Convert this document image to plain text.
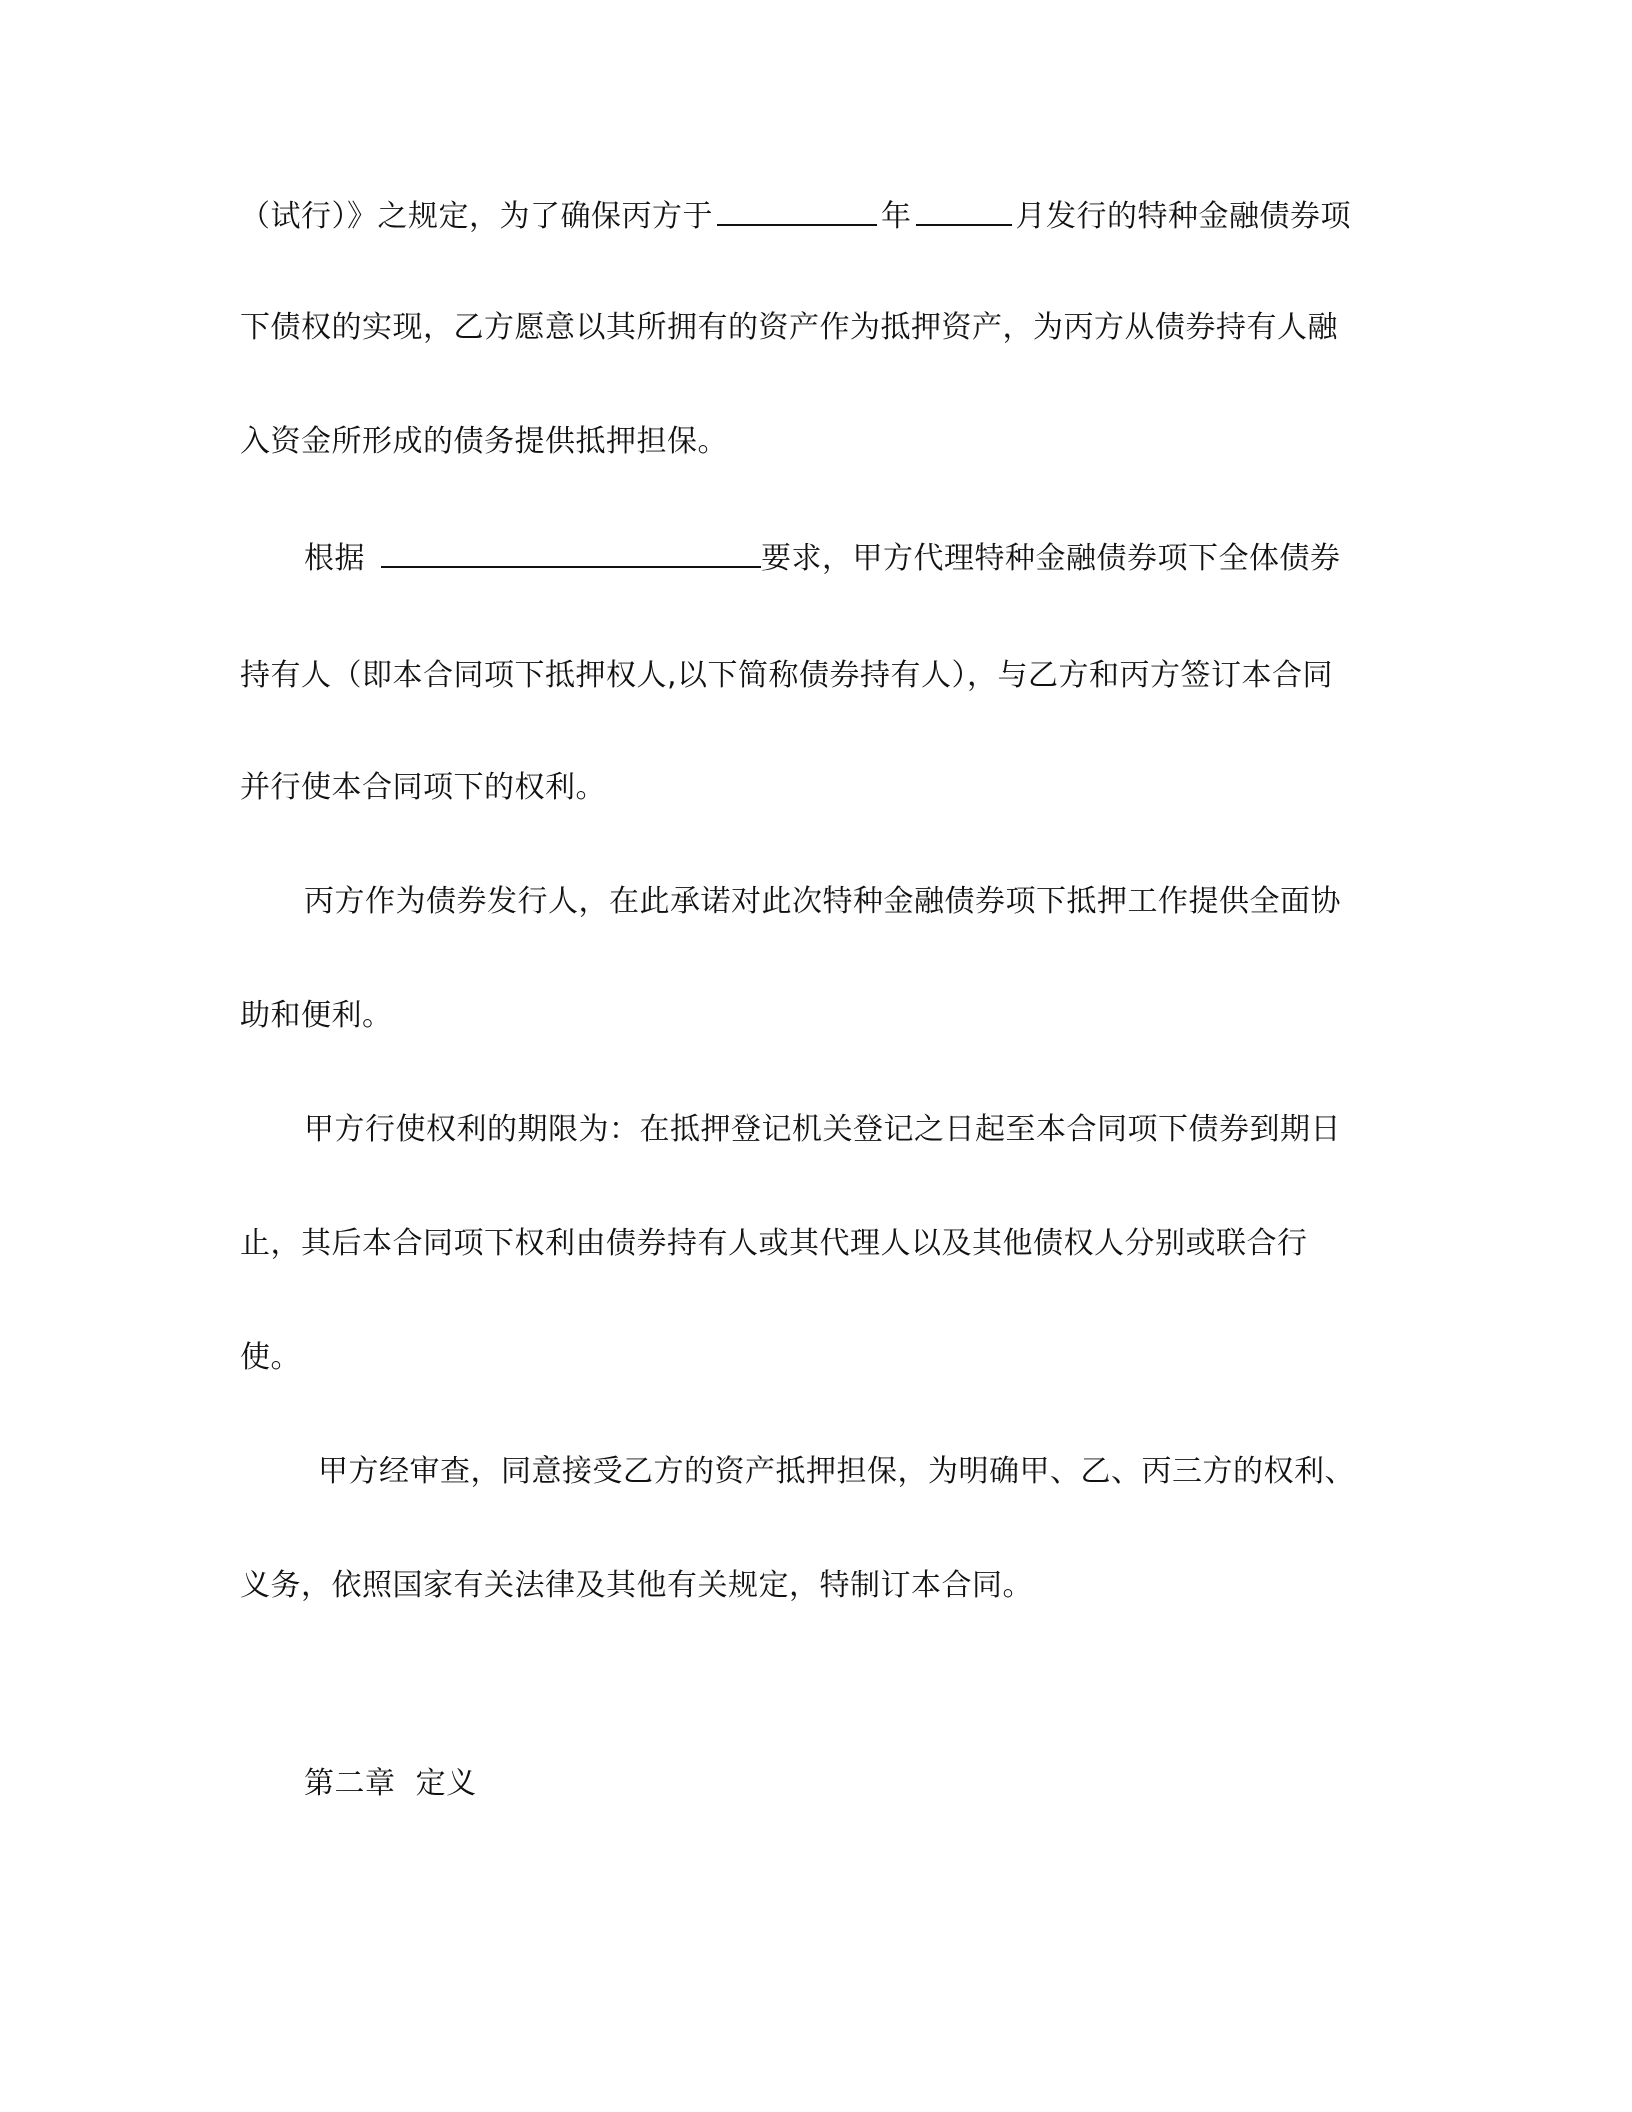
（试行）》之规定，为了确保丙方于	年	月发行的特种金融债券项
下债权的实现，乙方愿意以其所拥有的资产作为抵押资产，为丙方从债券持有人融
入资金所形成的债务提供抵押担保。
根据	要求，甲方代理特种金融债券项下全体债券
持有人（即本合同项下抵押权人,以下简称债券持有人），与乙方和丙方签订本合同
并行使本合同项下的权利。
丙方作为债券发行人，在此承诺对此次特种金融债券项下抵押工作提供全面协
助和便利。
甲方行使权利的期限为：在抵押登记机关登记之日起至本合同项下债券到期日
止，其后本合同项下权利由债券持有人或其代理人以及其他债权人分别或联合行
使。
甲方经审查，同意接受乙方的资产抵押担保，为明确甲、乙、丙三方的权利、
义务，依照国家有关法律及其他有关规定，特制订本合同。
第二章  定义
